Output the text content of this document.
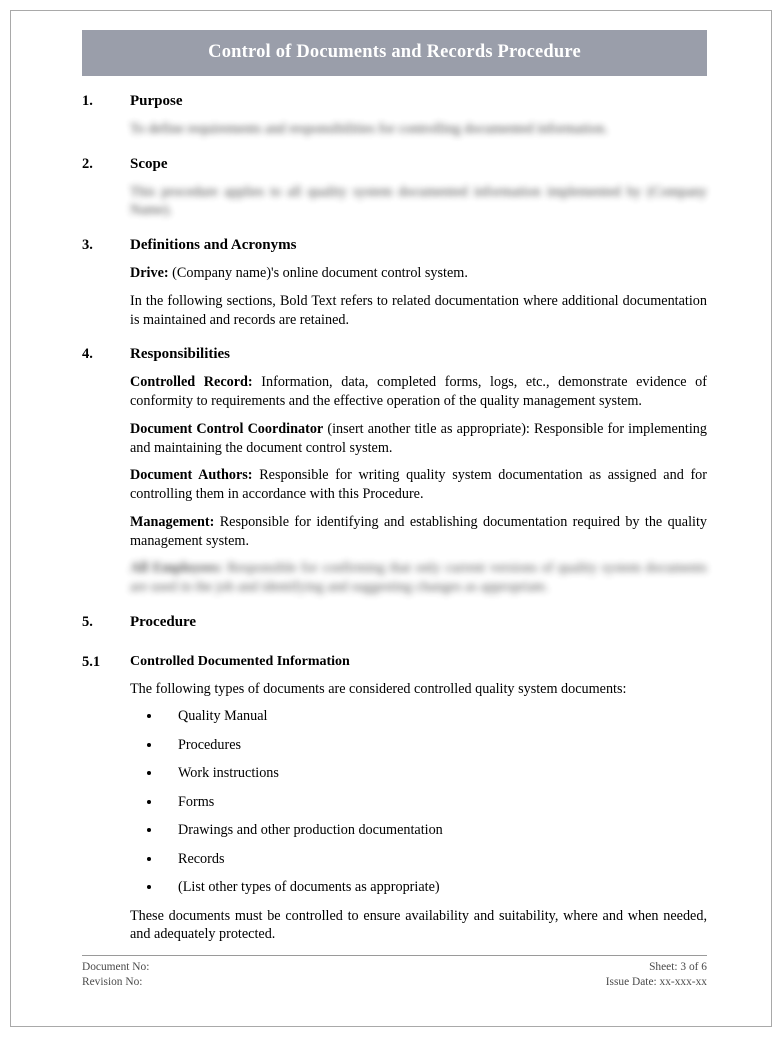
Control of Documents and Records Procedure
1.	Purpose
To define requirements and responsibilities for controlling documented information.
2.	Scope
This procedure applies to all quality system documented information implemented by (Company Name).
3.	Definitions and Acronyms
Drive: (Company name)'s online document control system.
In the following sections, Bold Text refers to related documentation where additional documentation is maintained and records are retained.
4.	Responsibilities
Controlled Record: Information, data, completed forms, logs, etc., demonstrate evidence of conformity to requirements and the effective operation of the quality management system.
Document Control Coordinator (insert another title as appropriate): Responsible for implementing and maintaining the document control system.
Document Authors: Responsible for writing quality system documentation as assigned and for controlling them in accordance with this Procedure.
Management: Responsible for identifying and establishing documentation required by the quality management system.
All Employees: Responsible for confirming that only current versions of quality system documents are used in the job and identifying and suggesting changes as appropriate.
5.	Procedure
5.1	Controlled Documented Information
The following types of documents are considered controlled quality system documents:
• Quality Manual
• Procedures
• Work instructions
• Forms
• Drawings and other production documentation
• Records
• (List other types of documents as appropriate)
These documents must be controlled to ensure availability and suitability, where and when needed, and adequately protected.
Document No:	Sheet: 3 of 6
Revision No:	Issue Date: xx-xxx-xx
